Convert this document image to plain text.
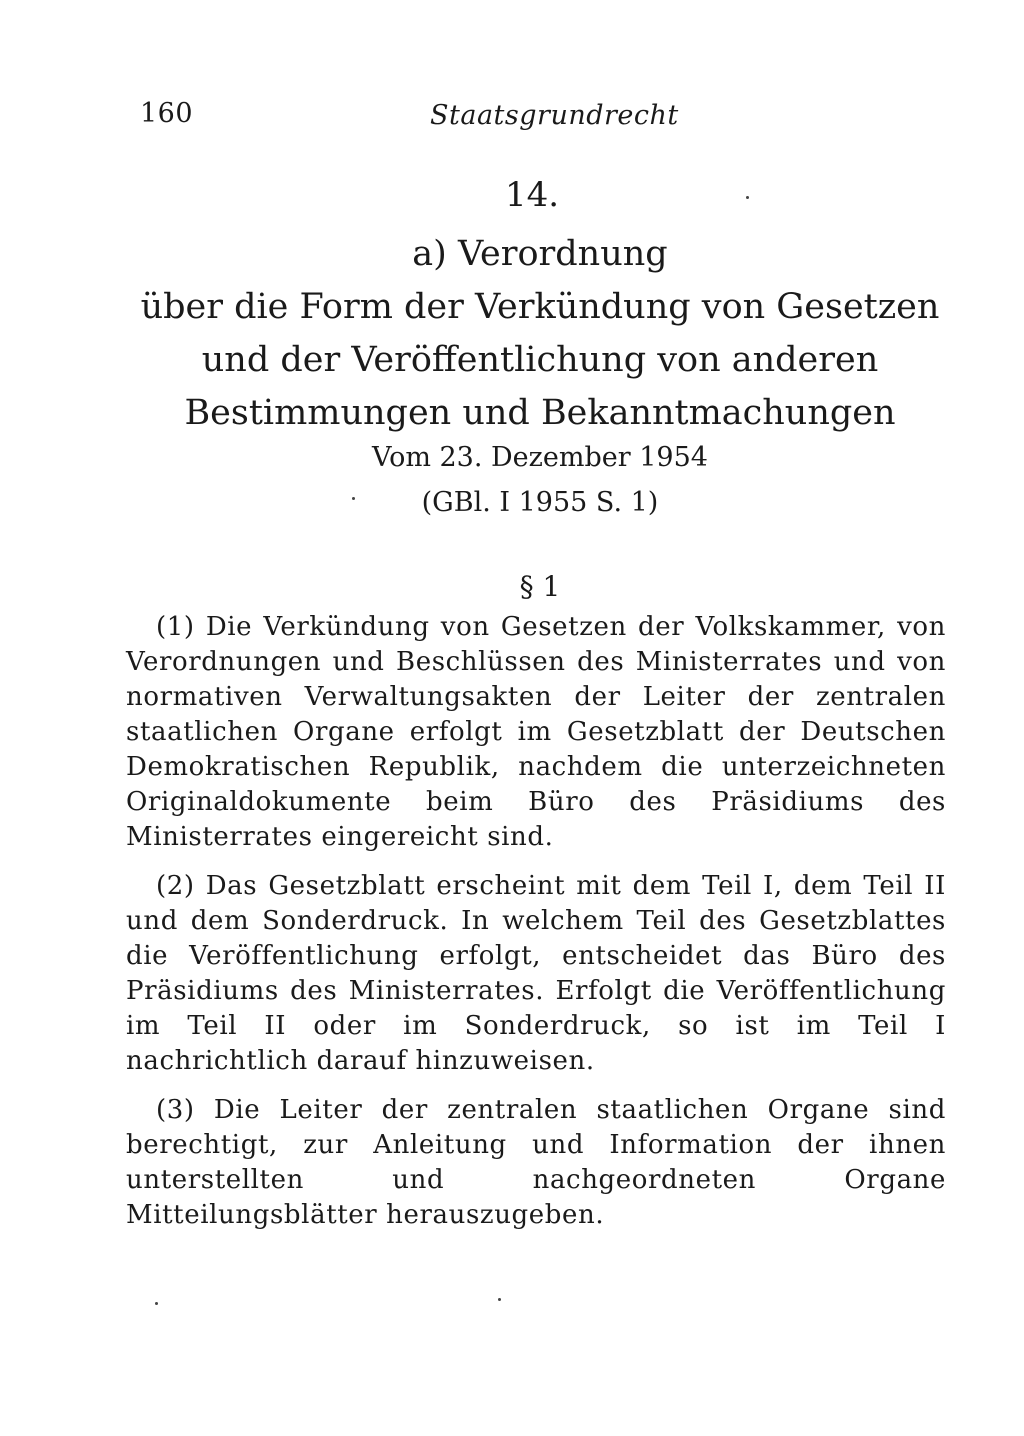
160	Staatsgrundrecht
14.
a) Verordnung
über die Form der Verkündung von Gesetzen
und der Veröffentlichung von anderen
Bestimmungen und Bekanntmachungen
Vom 23. Dezember 1954
(GBl. I 1955 S. 1)
§ 1

(1) Die Verkündung von Gesetzen der Volkskammer, von Verordnungen und Beschlüssen des Ministerrates und von normativen Verwaltungsakten der Leiter der zentralen staatlichen Organe erfolgt im Gesetzblatt der Deutschen Demokratischen Republik, nachdem die unterzeichneten Originaldokumente beim Büro des Präsidiums des Ministerrates eingereicht sind.

(2) Das Gesetzblatt erscheint mit dem Teil I, dem Teil II und dem Sonderdruck. In welchem Teil des Gesetzblattes die Veröffentlichung erfolgt, entscheidet das Büro des Präsidiums des Ministerrates. Erfolgt die Veröffentlichung im Teil II oder im Sonderdruck, so ist im Teil I nachrichtlich darauf hinzuweisen.

(3) Die Leiter der zentralen staatlichen Organe sind berechtigt, zur Anleitung und Information der ihnen unterstellten und nachgeordneten Organe Mitteilungsblätter herauszugeben.
